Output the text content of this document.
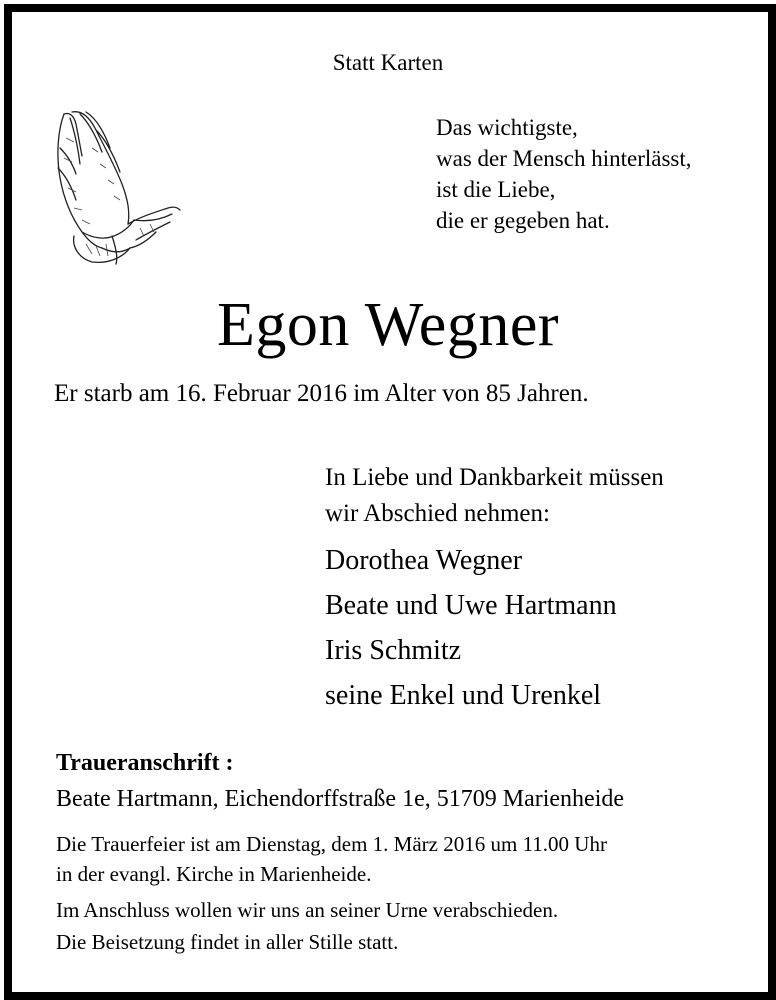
Statt Karten
Das wichtigste,
was der Mensch hinterlässt,
ist die Liebe,
die er gegeben hat.
Egon Wegner
Er starb am 16. Februar 2016 im Alter von 85 Jahren.
In Liebe und Dankbarkeit müssen
wir Abschied nehmen:
Dorothea Wegner
Beate und Uwe Hartmann
Iris Schmitz
seine Enkel und Urenkel
Traueranschrift :
Beate Hartmann, Eichendorffstraße 1e, 51709 Marienheide
Die Trauerfeier ist am Dienstag, dem 1. März 2016 um 11.00 Uhr
in der evangl. Kirche in Marienheide.
Im Anschluss wollen wir uns an seiner Urne verabschieden.
Die Beisetzung findet in aller Stille statt.
